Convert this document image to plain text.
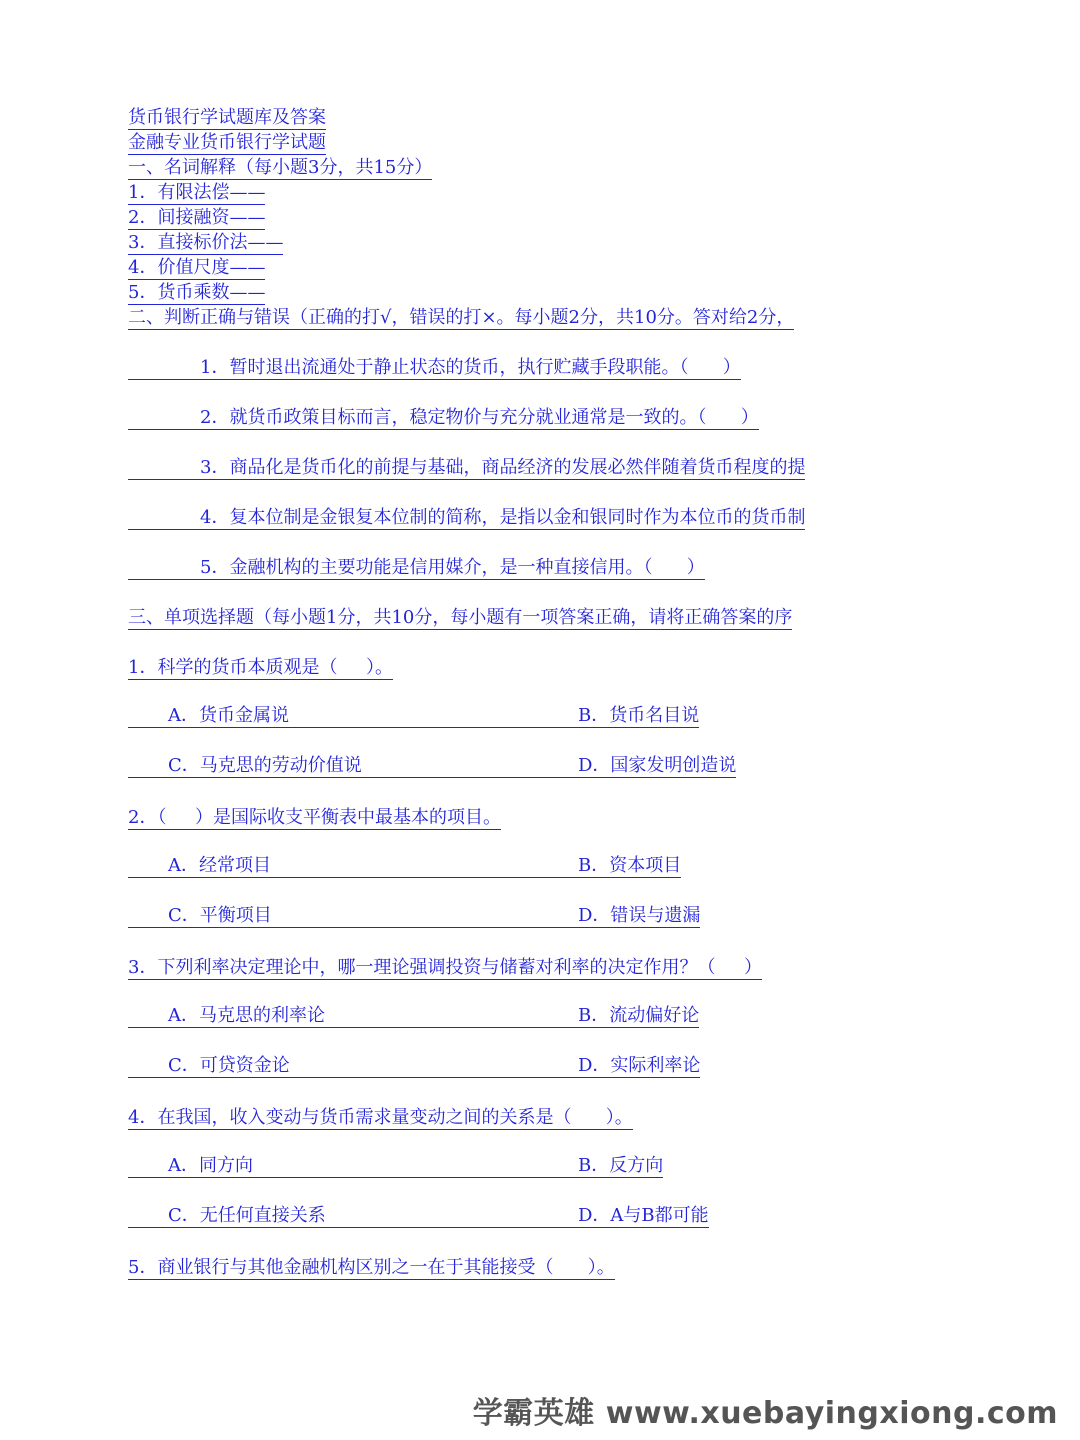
货币银行学试题库及答案
金融专业货币银行学试题
一、名词解释（每小题3分，共15分）
1．有限法偿——
2．间接融资——
3．直接标价法——
4．价值尺度——
5．货币乘数——
二、判断正确与错误（正确的打√，错误的打×。每小题2分，共10分。答对给2分，
1．暂时退出流通处于静止状态的货币，执行贮藏手段职能。（      ）
2．就货币政策目标而言，稳定物价与充分就业通常是一致的。（      ）
3．商品化是货币化的前提与基础，商品经济的发展必然伴随着货币程度的提
4．复本位制是金银复本位制的简称，是指以金和银同时作为本位币的货币制
5．金融机构的主要功能是信用媒介，是一种直接信用。（      ）
三、单项选择题（每小题1分，共10分，每小题有一项答案正确，请将正确答案的序
1．科学的货币本质观是（     ）。
A．货币金属说	B．货币名目说
C．马克思的劳动价值说	D．国家发明创造说
2．（     ）是国际收支平衡表中最基本的项目。
A．经常项目	B．资本项目
C．平衡项目	D．错误与遗漏
3．下列利率决定理论中，哪一理论强调投资与储蓄对利率的决定作用？（     ）
A．马克思的利率论	B．流动偏好论
C．可贷资金论	D．实际利率论
4．在我国，收入变动与货币需求量变动之间的关系是（      ）。
A．同方向	B．反方向
C．无任何直接关系	D．A与B都可能
5．商业银行与其他金融机构区别之一在于其能接受（      ）。
学霸英雄 www.xuebayingxiong.com
